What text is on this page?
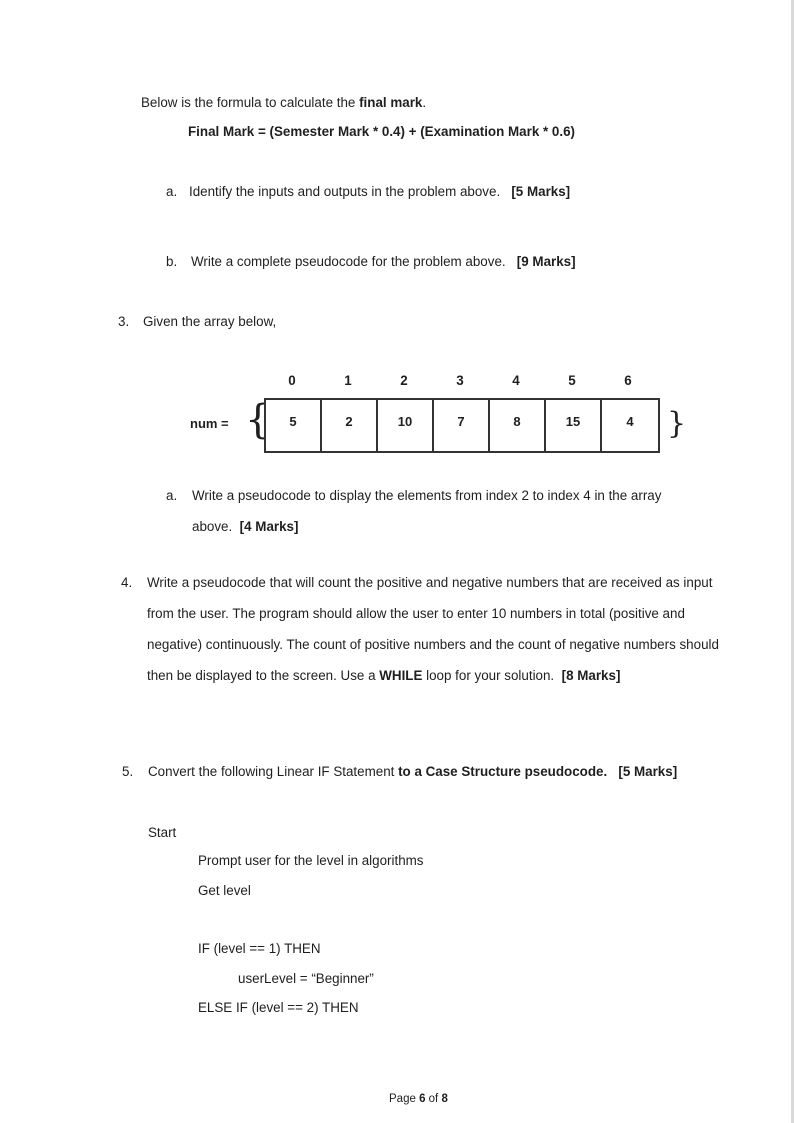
Below is the formula to calculate the final mark.
Final Mark = (Semester Mark * 0.4) + (Examination Mark * 0.6)
a. Identify the inputs and outputs in the problem above. [5 Marks]
b. Write a complete pseudocode for the problem above. [9 Marks]
3. Given the array below,
num = {
0	1	2	3	4	5	6
5	2	10	7	8	15	4	}
a. Write a pseudocode to display the elements from index 2 to index 4 in the array
above. [4 Marks]
4. Write a pseudocode that will count the positive and negative numbers that are received as input from the user. The program should allow the user to enter 10 numbers in total (positive and negative) continuously. The count of positive numbers and the count of negative numbers should then be displayed to the screen. Use a WHILE loop for your solution. [8 Marks]
5. Convert the following Linear IF Statement to a Case Structure pseudocode. [5 Marks]
Start
Prompt user for the level in algorithms
Get level
IF (level == 1) THEN
userLevel = “Beginner”
ELSE IF (level == 2) THEN
Page 6 of 8
